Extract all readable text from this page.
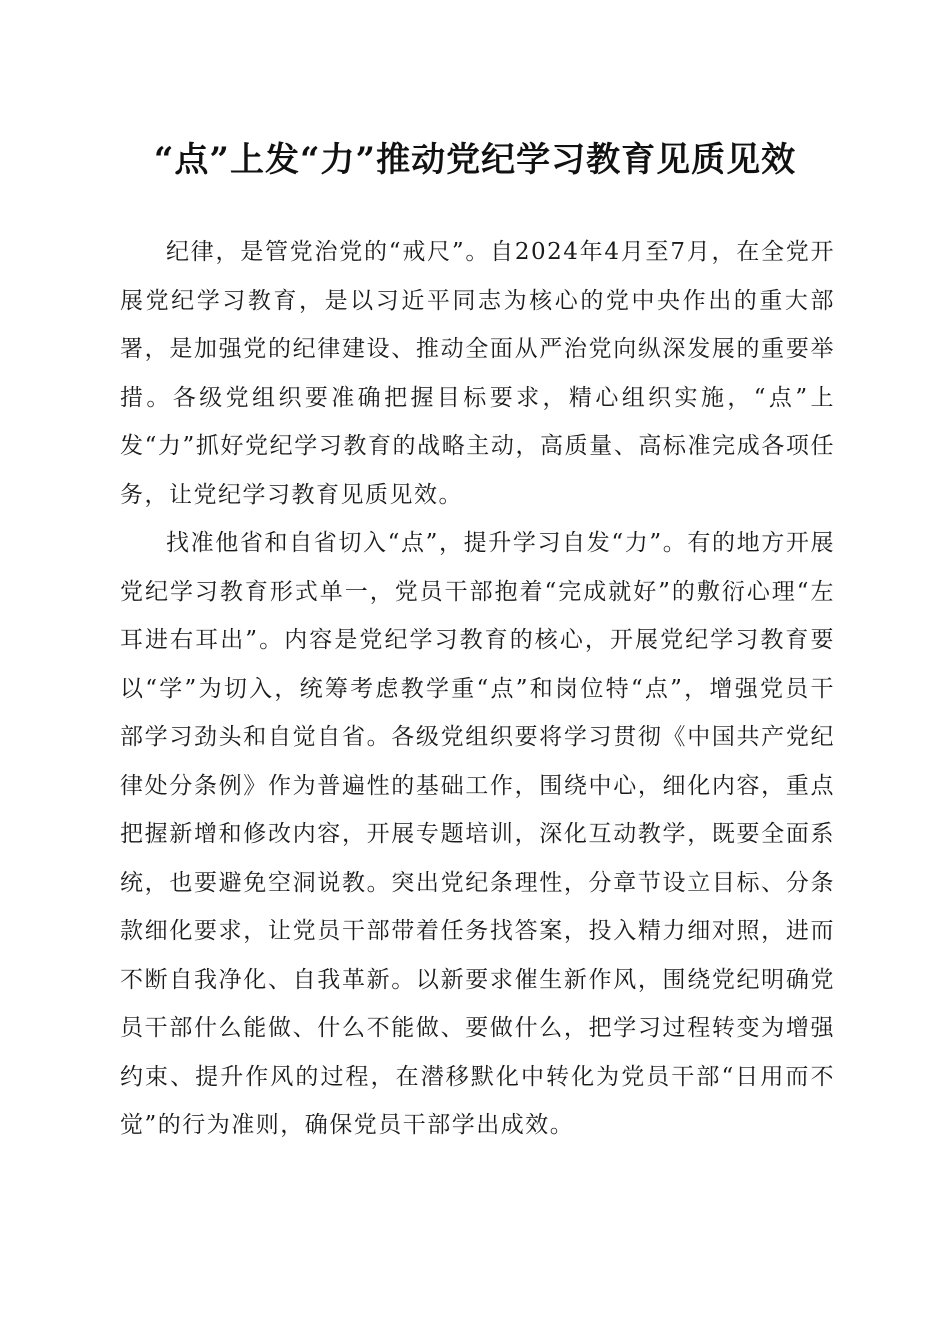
“点”上发“力”推动党纪学习教育见质见效

纪律，是管党治党的“戒尺”。自2024年4月至7月，在全党开展党纪学习教育，是以习近平同志为核心的党中央作出的重大部署，是加强党的纪律建设、推动全面从严治党向纵深发展的重要举措。各级党组织要准确把握目标要求，精心组织实施，“点”上发“力”抓好党纪学习教育的战略主动，高质量、高标准完成各项任务，让党纪学习教育见质见效。

找准他省和自省切入“点”，提升学习自发“力”。有的地方开展党纪学习教育形式单一，党员干部抱着“完成就好”的敷衍心理“左耳进右耳出”。内容是党纪学习教育的核心，开展党纪学习教育要以“学”为切入，统筹考虑教学重“点”和岗位特“点”，增强党员干部学习劲头和自觉自省。各级党组织要将学习贯彻《中国共产党纪律处分条例》作为普遍性的基础工作，围绕中心，细化内容，重点把握新增和修改内容，开展专题培训，深化互动教学，既要全面系统，也要避免空洞说教。突出党纪条理性，分章节设立目标、分条款细化要求，让党员干部带着任务找答案，投入精力细对照，进而不断自我净化、自我革新。以新要求催生新作风，围绕党纪明确党员干部什么能做、什么不能做、要做什么，把学习过程转变为增强约束、提升作风的过程，在潜移默化中转化为党员干部“日用而不觉”的行为准则，确保党员干部学出成效。
